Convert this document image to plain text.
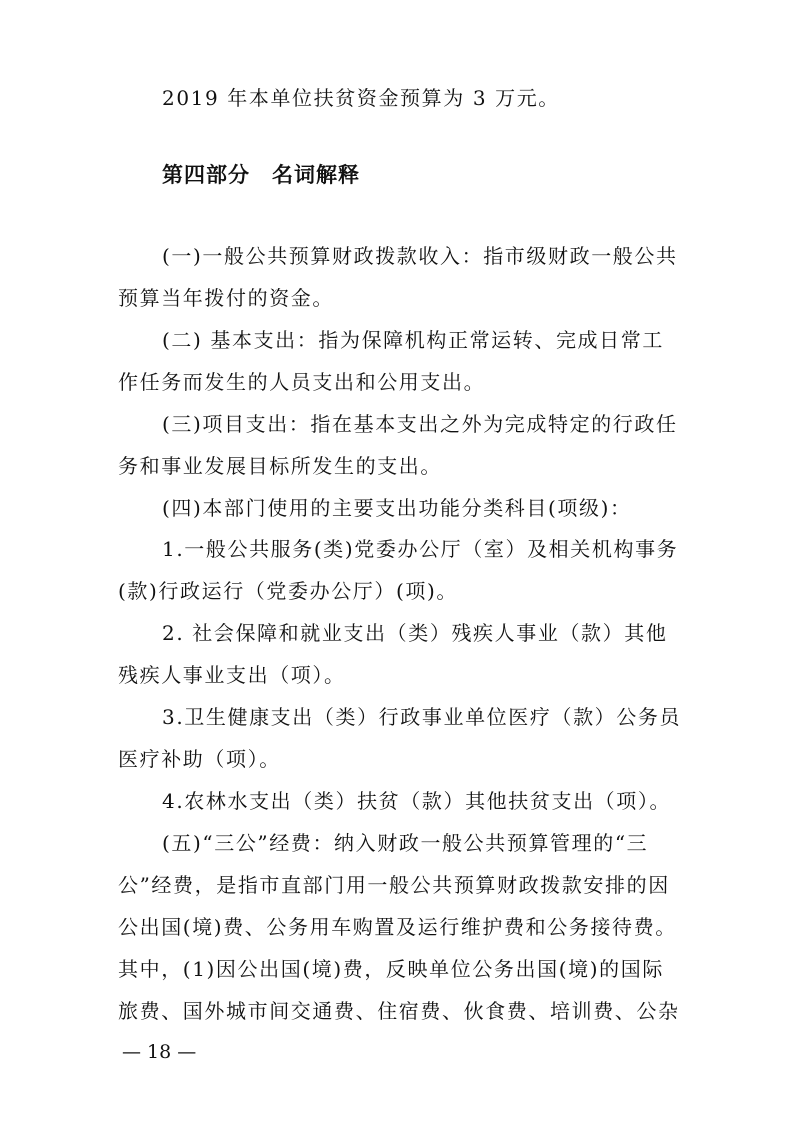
2019 年本单位扶贫资金预算为 3 万元。
第四部分　名词解释
(一)一般公共预算财政拨款收入：指市级财政一般公共
预算当年拨付的资金。
(二) 基本支出：指为保障机构正常运转、完成日常工
作任务而发生的人员支出和公用支出。
(三)项目支出：指在基本支出之外为完成特定的行政任
务和事业发展目标所发生的支出。
(四)本部门使用的主要支出功能分类科目(项级)：
1.一般公共服务(类)党委办公厅（室）及相关机构事务
(款)行政运行（党委办公厅）(项)。
2. 社会保障和就业支出（类）残疾人事业（款）其他
残疾人事业支出（项）。
3.卫生健康支出（类）行政事业单位医疗（款）公务员
医疗补助（项）。
4.农林水支出（类）扶贫（款）其他扶贫支出（项）。
(五)“三公”经费：纳入财政一般公共预算管理的“三
公”经费，是指市直部门用一般公共预算财政拨款安排的因
公出国(境)费、公务用车购置及运行维护费和公务接待费。
其中，(1)因公出国(境)费，反映单位公务出国(境)的国际
旅费、国外城市间交通费、住宿费、伙食费、培训费、公杂
— 18 —
